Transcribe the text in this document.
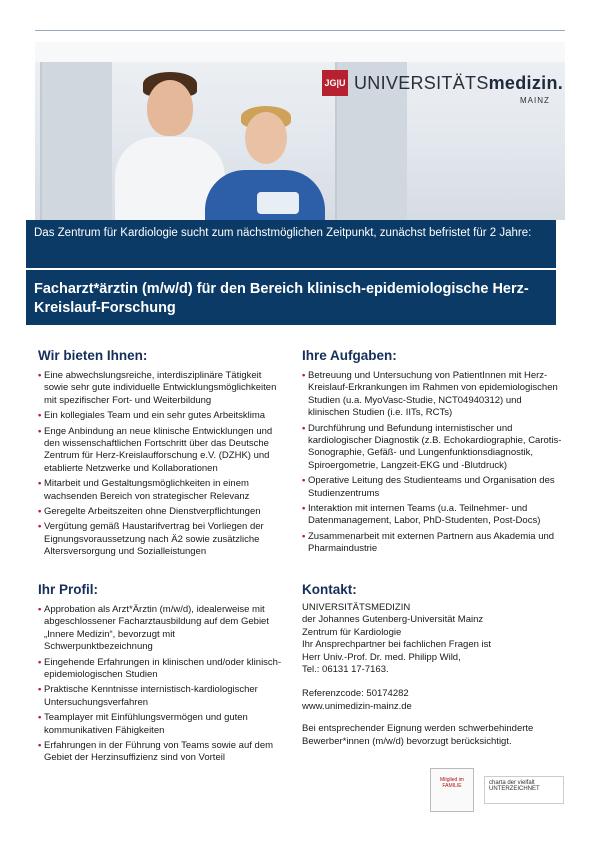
JG|U UNIVERSITÄTSmedizin.
MAINZ
Das Zentrum für Kardiologie sucht zum nächstmöglichen Zeitpunkt, zunächst befristet für 2 Jahre:
Facharzt*ärztin (m/w/d) für den Bereich klinisch-epidemiologische Herz-Kreislauf-Forschung
Wir bieten Ihnen:
• Eine abwechslungsreiche, interdisziplinäre Tätigkeit sowie sehr gute individuelle Entwicklungsmöglichkeiten mit spezifischer Fort- und Weiterbildung
• Ein kollegiales Team und ein sehr gutes Arbeitsklima
• Enge Anbindung an neue klinische Entwicklungen und den wissenschaftlichen Fortschritt über das Deutsche Zentrum für Herz-Kreislaufforschung e.V. (DZHK) und etablierte Netzwerke und Kollaborationen
• Mitarbeit und Gestaltungsmöglichkeiten in einem wachsenden Bereich von strategischer Relevanz
• Geregelte Arbeitszeiten ohne Dienstverpflichtungen
• Vergütung gemäß Haustarifvertrag bei Vorliegen der Eignungsvoraussetzung nach Ä2 sowie zusätzliche Altersversorgung und Sozialleistungen
Ihr Profil:
• Approbation als Arzt*Ärztin (m/w/d), idealerweise mit abgeschlossener Facharztausbildung auf dem Gebiet „Innere Medizin“, bevorzugt mit Schwerpunktbezeichnung
• Eingehende Erfahrungen in klinischen und/oder klinisch-epidemiologischen Studien
• Praktische Kenntnisse internistisch-kardiologischer Untersuchungsverfahren
• Teamplayer mit Einfühlungsvermögen und guten kommunikativen Fähigkeiten
• Erfahrungen in der Führung von Teams sowie auf dem Gebiet der Herzinsuffizienz sind von Vorteil
Ihre Aufgaben:
• Betreuung und Untersuchung von PatientInnen mit Herz-Kreislauf-Erkrankungen im Rahmen von epidemiologischen Studien (u.a. MyoVasc-Studie, NCT04940312) und klinischen Studien (i.e. IITs, RCTs)
• Durchführung und Befundung internistischer und kardiologischer Diagnostik (z.B. Echokardiographie, Carotis-Sonographie, Gefäß- und Lungenfunktionsdiagnostik, Spiroergometrie, Langzeit-EKG und -Blutdruck)
• Operative Leitung des Studienteams und Organisation des Studienzentrums
• Interaktion mit internen Teams (u.a. Teilnehmer- und Datenmanagement, Labor, PhD-Studenten, Post-Docs)
• Zusammenarbeit mit externen Partnern aus Akademia und Pharmaindustrie
Kontakt:

UNIVERSITÄTSMEDIZIN

der Johannes Gutenberg-Universität Mainz

Zentrum für Kardiologie

Ihr Ansprechpartner bei fachlichen Fragen ist

Herr Univ.-Prof. Dr. med. Philipp Wild,

Tel.: 06131 17-7163.

Referenzcode: 50174282

www.unimedizin-mainz.de

Bei entsprechender Eignung werden schwerbehinderte Bewerber*innen (m/w/d) bevorzugt berücksichtigt.

Mitglied im FAMILIE	charta der vielfalt UNTERZEICHNET
